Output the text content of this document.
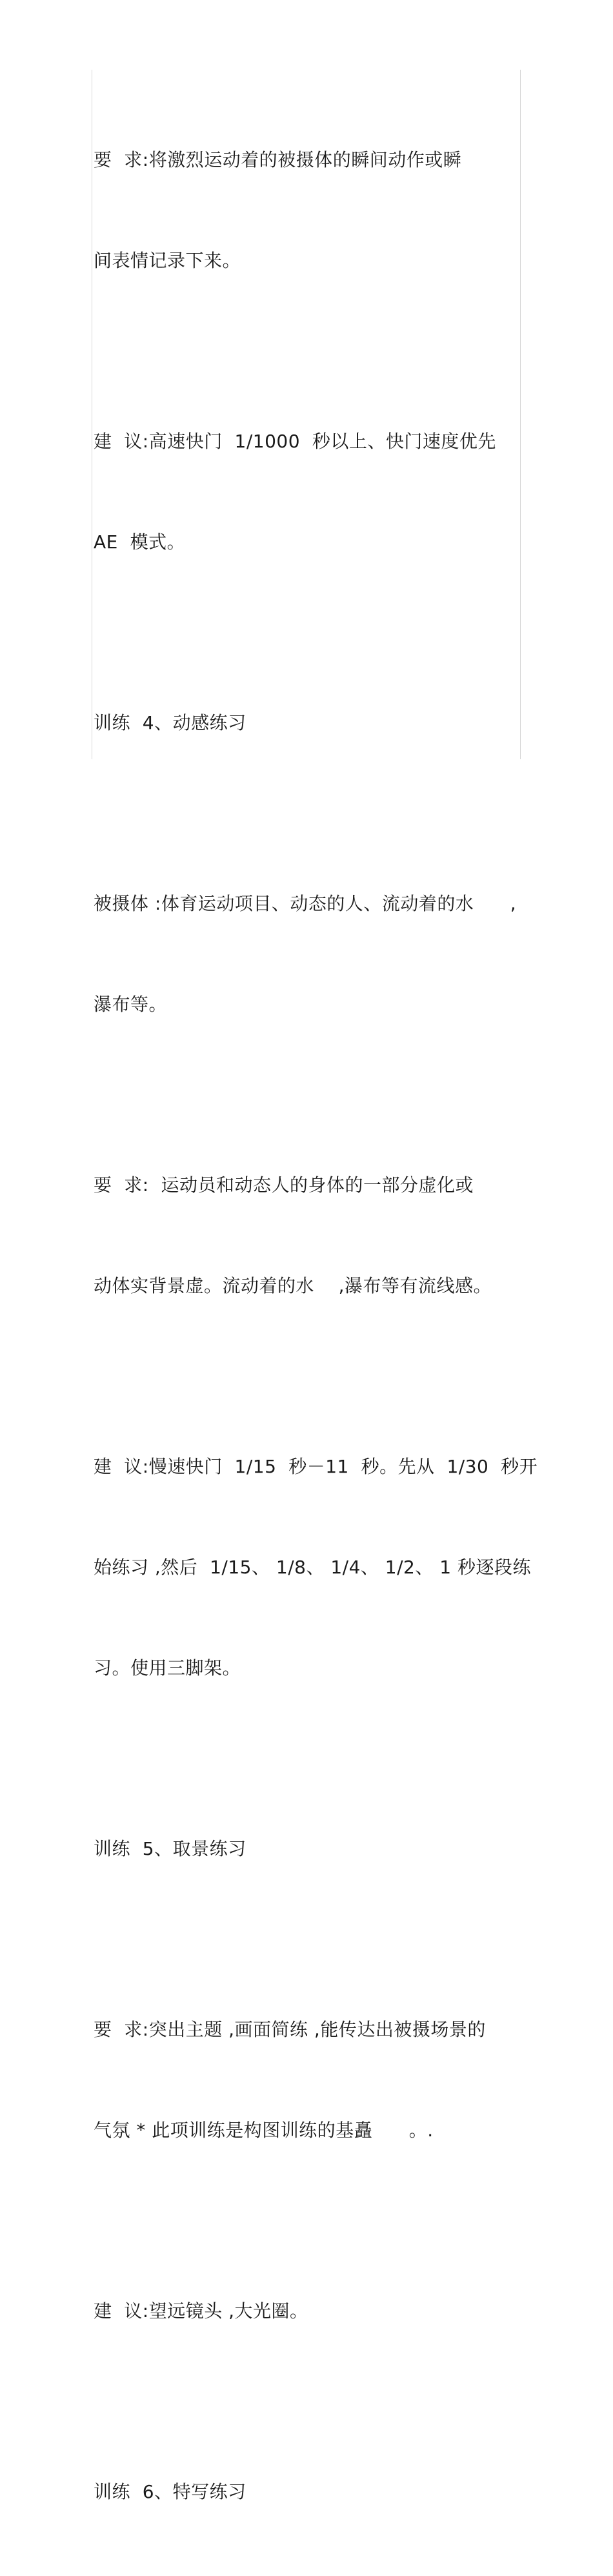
要  求:将激烈运动着的被摄体的瞬间动作或瞬

间表情记录下来。

建  议:高速快门  1/1000  秒以上、快门速度优先

AE  模式。

训练  4、动感练习

被摄体 :体育运动项目、动态的人、流动着的水      ,

瀑布等。

要  求:  运动员和动态人的身体的一部分虚化或

动体实背景虚。流动着的水    ,瀑布等有流线感。

建  议:慢速快门  1/15  秒－11  秒。先从  1/30  秒开

始练习 ,然后  1/15、 1/8、 1/4、 1/2、 1 秒逐段练

习。使用三脚架。

训练  5、取景练习

要  求:突出主题 ,画面简练 ,能传达出被摄场景的

气氛 * 此项训练是构图训练的基矗      。.

建  议:望远镜头 ,大光圈。

训练  6、特写练习
